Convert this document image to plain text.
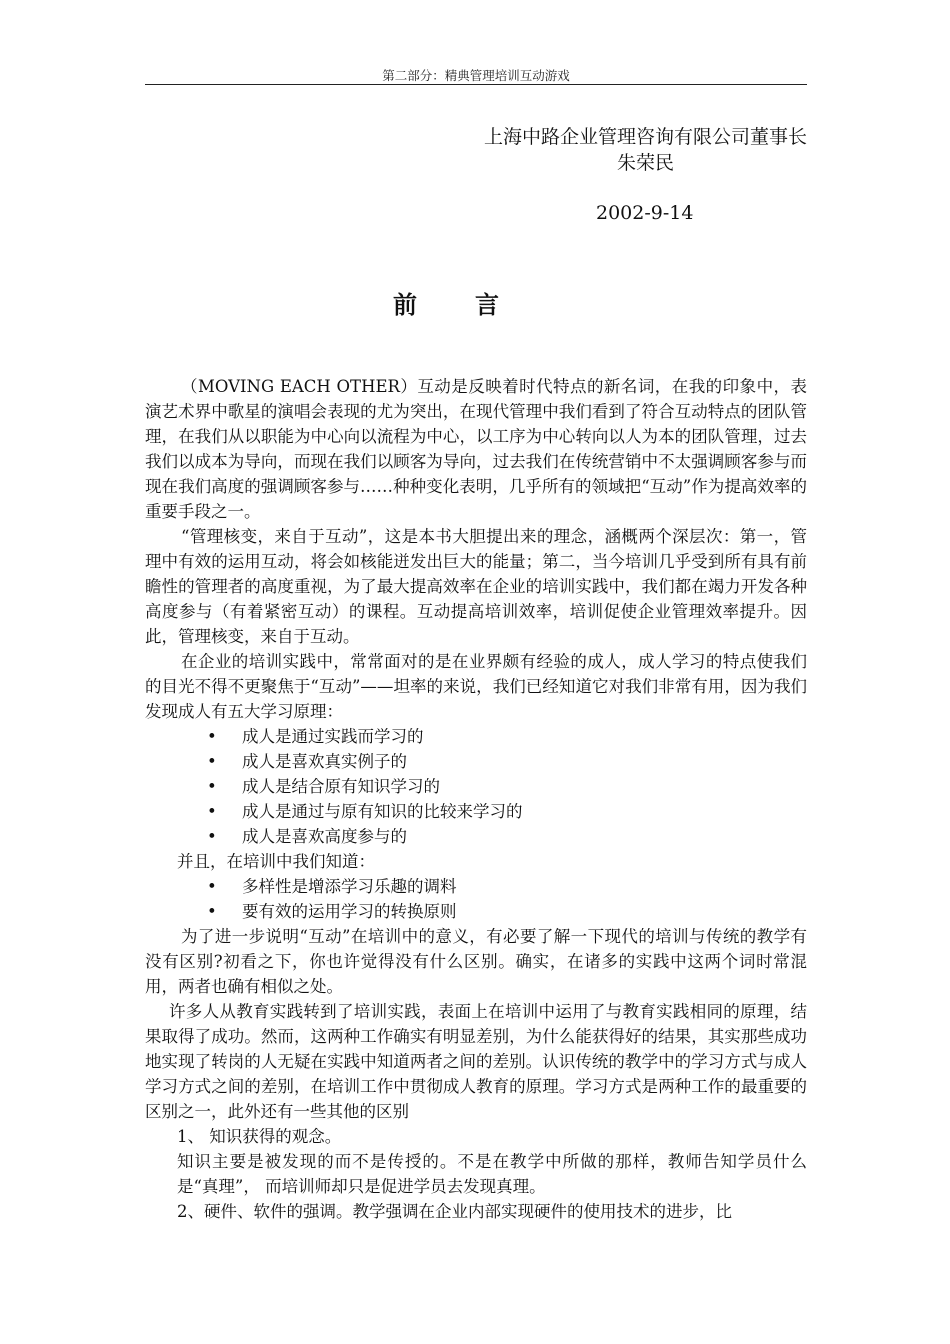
第二部分：精典管理培训互动游戏
上海中路企业管理咨询有限公司董事长
朱荣民
2002-9-14
前言

（MOVING EACH OTHER）互动是反映着时代特点的新名词，在我的印象中，表演艺术界中歌星的演唱会表现的尤为突出，在现代管理中我们看到了符合互动特点的团队管理，在我们从以职能为中心向以流程为中心，以工序为中心转向以人为本的团队管理，过去我们以成本为导向，而现在我们以顾客为导向，过去我们在传统营销中不太强调顾客参与而现在我们高度的强调顾客参与……种种变化表明，几乎所有的领域把“互动”作为提高效率的重要手段之一。

“管理核变，来自于互动”，这是本书大胆提出来的理念，涵概两个深层次：第一，管理中有效的运用互动，将会如核能迸发出巨大的能量；第二，当今培训几乎受到所有具有前瞻性的管理者的高度重视，为了最大提高效率在企业的培训实践中，我们都在竭力开发各种高度参与（有着紧密互动）的课程。互动提高培训效率，培训促使企业管理效率提升。因此，管理核变，来自于互动。

在企业的培训实践中，常常面对的是在业界颇有经验的成人，成人学习的特点使我们的目光不得不更聚焦于“互动”——坦率的来说，我们已经知道它对我们非常有用，因为我们发现成人有五大学习原理：

• 成人是通过实践而学习的
• 成人是喜欢真实例子的
• 成人是结合原有知识学习的
• 成人是通过与原有知识的比较来学习的
• 成人是喜欢高度参与的

并且，在培训中我们知道：

• 多样性是增添学习乐趣的调料
• 要有效的运用学习的转换原则

为了进一步说明“互动”在培训中的意义，有必要了解一下现代的培训与传统的教学有没有区别?初看之下，你也许觉得没有什么区别。确实，在诸多的实践中这两个词时常混用，两者也确有相似之处。

许多人从教育实践转到了培训实践，表面上在培训中运用了与教育实践相同的原理，结果取得了成功。然而，这两种工作确实有明显差别，为什么能获得好的结果，其实那些成功地实现了转岗的人无疑在实践中知道两者之间的差别。认识传统的教学中的学习方式与成人学习方式之间的差别，在培训工作中贯彻成人教育的原理。学习方式是两种工作的最重要的区别之一，此外还有一些其他的区别

1、 知识获得的观念。

知识主要是被发现的而不是传授的。不是在教学中所做的那样，教师告知学员什么是“真理”， 而培训师却只是促进学员去发现真理。

2、硬件、软件的强调。教学强调在企业内部实现硬件的使用技术的进步，比
